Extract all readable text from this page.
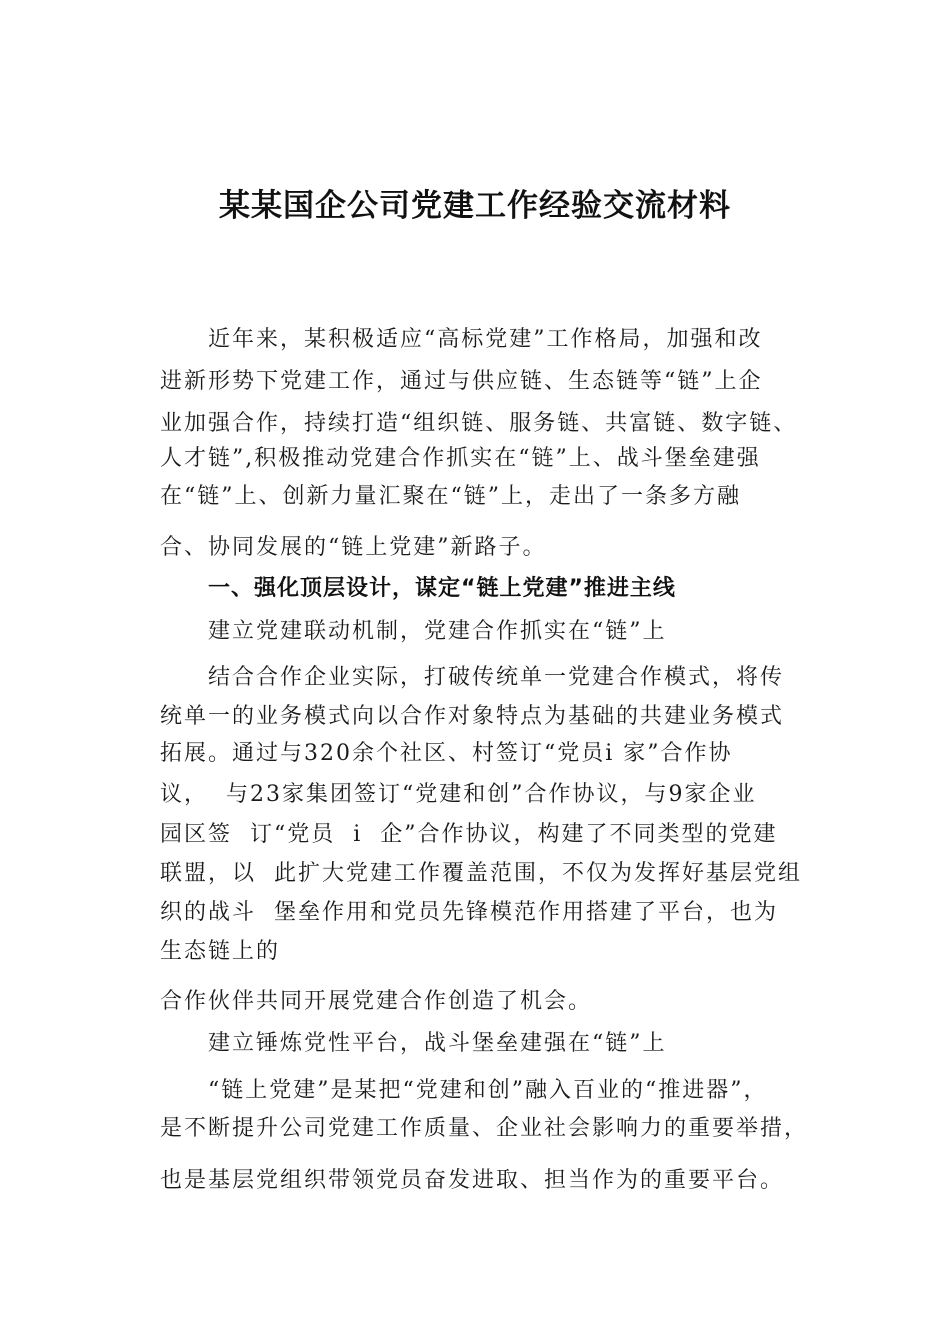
某某国企公司党建工作经验交流材料
近年来，某积极适应“高标党建”工作格局，加强和改
进新形势下党建工作，通过与供应链、生态链等“链”上企
业加强合作，持续打造“组织链、服务链、共富链、数字链、
人才链”,积极推动党建合作抓实在“链”上、战斗堡垒建强
在“链”上、创新力量汇聚在“链”上，走出了一条多方融
合、协同发展的“链上党建”新路子。
一、强化顶层设计，谋定“链上党建”推进主线
建立党建联动机制，党建合作抓实在“链”上
结合合作企业实际，打破传统单一党建合作模式，将传
统单一的业务模式向以合作对象特点为基础的共建业务模式
拓展。通过与320余个社区、村签订“党员i 家”合作协
议，  与23家集团签订“党建和创”合作协议，与9家企业
园区签  订“党员  i  企”合作协议，构建了不同类型的党建
联盟，以  此扩大党建工作覆盖范围，不仅为发挥好基层党组
织的战斗  堡垒作用和党员先锋模范作用搭建了平台，也为
生态链上的
合作伙伴共同开展党建合作创造了机会。
建立锤炼党性平台，战斗堡垒建强在“链”上
“链上党建”是某把“党建和创”融入百业的“推进器”，
是不断提升公司党建工作质量、企业社会影响力的重要举措，
也是基层党组织带领党员奋发进取、担当作为的重要平台。
